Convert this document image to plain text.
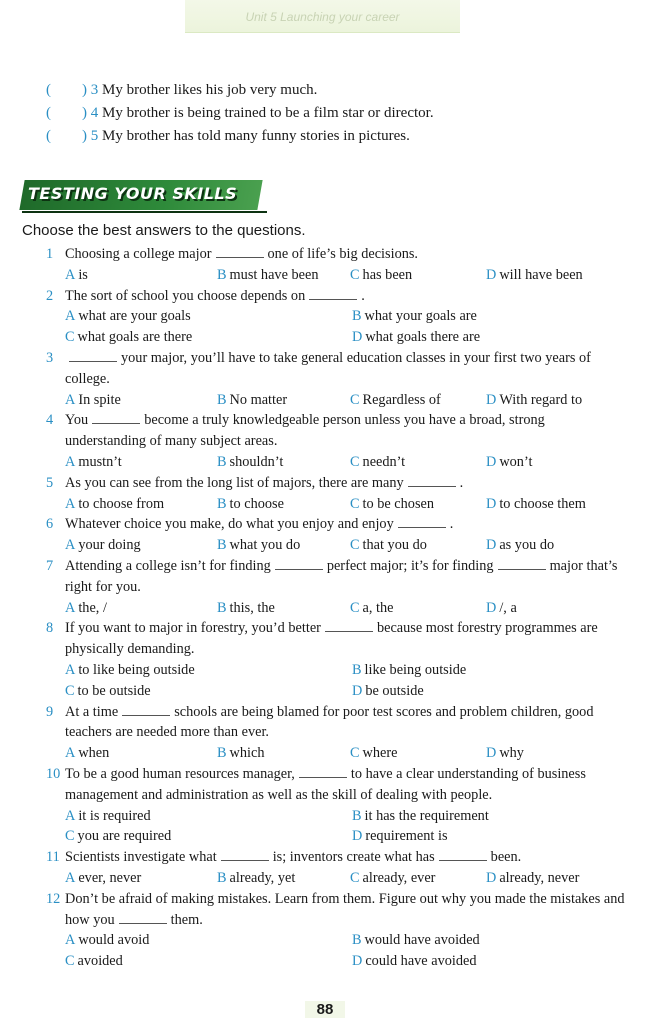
Unit 5 Launching your career
( ) 3 My brother likes his job very much.
( ) 4 My brother is being trained to be a film star or director.
( ) 5 My brother has told many funny stories in pictures.
TESTING YOUR SKILLS
Choose the best answers to the questions.
1 Choosing a college major	one of life’s big decisions.
A is	B must have been C has been	D will have been
2 The sort of school you choose depends on	.
A what are your goals	B what your goals are
C what goals are there	D what goals there are
3	your major, you’ll have to take general education classes in your first two years of college.
A In spite	B No matter	C Regardless of	D With regard to
4 You	become a truly knowledgeable person unless you have a broad, strong understanding of many subject areas.
A mustn’t	B shouldn’t	C needn’t	D won’t
5 As you can see from the long list of majors, there are many	.
A to choose from	B to choose	C to be chosen	D to choose them
6 Whatever choice you make, do what you enjoy and enjoy	.
A your doing	B what you do	C that you do	D as you do
7 Attending a college isn’t for finding	perfect major; it’s for finding	major that’s right for you.
A the, /	B this, the	C a, the	D /, a
8 If you want to major in forestry, you’d better	because most forestry programmes are physically demanding.
A to like being outside	B like being outside
C to be outside	D be outside
9 At a time	schools are being blamed for poor test scores and problem children, good teachers are needed more than ever.
A when	B which	C where	D why
10 To be a good human resources manager,	to have a clear understanding of business management and administration as well as the skill of dealing with people.
A it is required	B it has the requirement
C you are required	D requirement is
11 Scientists investigate what	is; inventors create what has	been.
A ever, never	B already, yet	C already, ever	D already, never
12 Don’t be afraid of making mistakes. Learn from them. Figure out why you made the mistakes and how you	them.
A would avoid	B would have avoided
C avoided	D could have avoided
88
